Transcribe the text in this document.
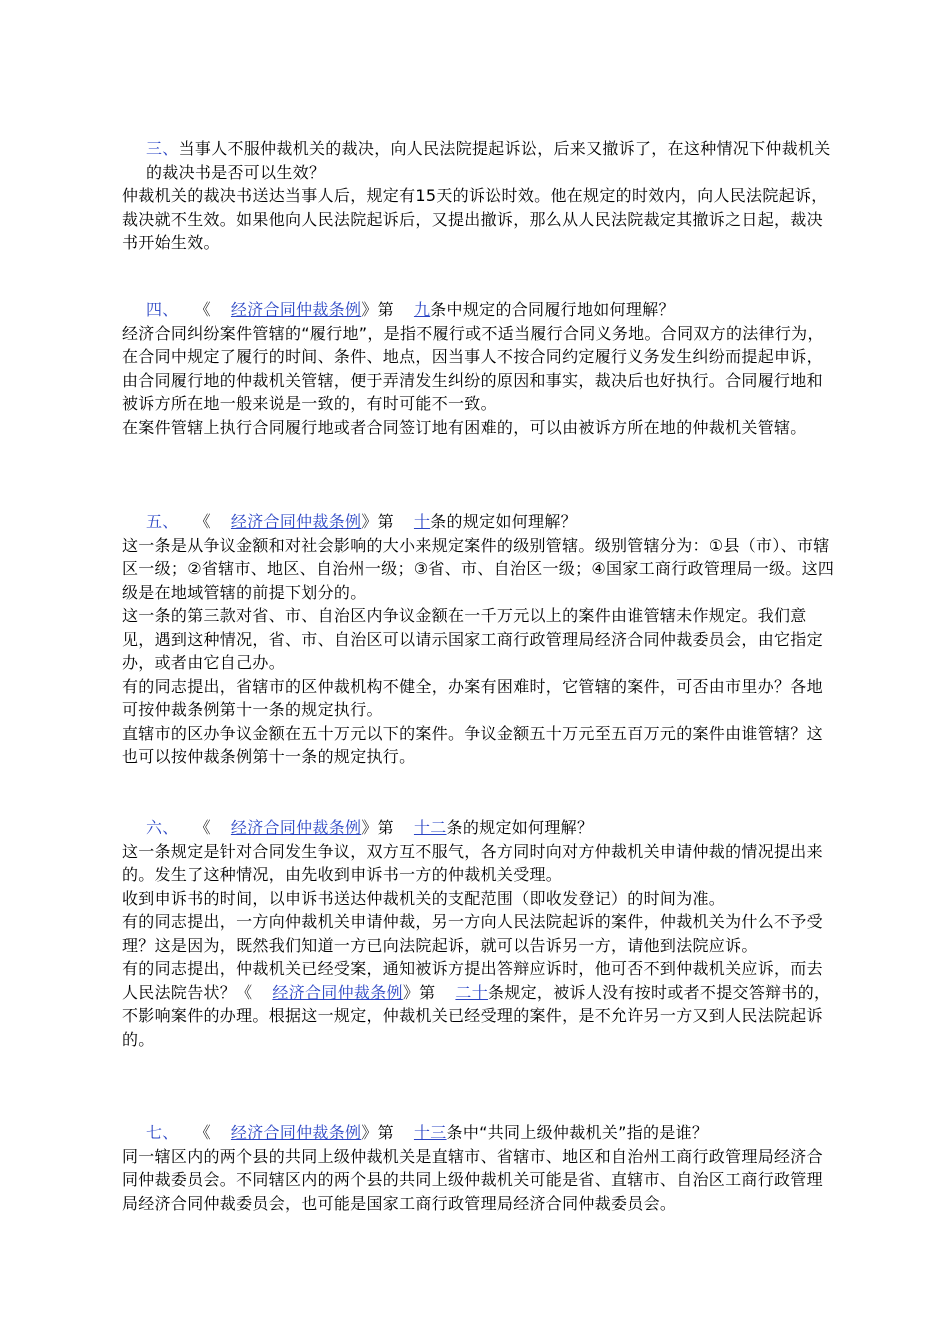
三、当事人不服仲裁机关的裁决，向人民法院提起诉讼，后来又撤诉了，在这种情况下仲裁机关的裁决书是否可以生效？

仲裁机关的裁决书送达当事人后，规定有15天的诉讼时效。他在规定的时效内，向人民法院起诉，裁决就不生效。如果他向人民法院起诉后，又提出撤诉，那么从人民法院裁定其撤诉之日起，裁决书开始生效。

四、 《 经济合同仲裁条例》第 九条中规定的合同履行地如何理解？

经济合同纠纷案件管辖的“履行地”，是指不履行或不适当履行合同义务地。合同双方的法律行为，在合同中规定了履行的时间、条件、地点，因当事人不按合同约定履行义务发生纠纷而提起申诉，由合同履行地的仲裁机关管辖，便于弄清发生纠纷的原因和事实，裁决后也好执行。合同履行地和被诉方所在地一般来说是一致的，有时可能不一致。

在案件管辖上执行合同履行地或者合同签订地有困难的，可以由被诉方所在地的仲裁机关管辖。

五、 《 经济合同仲裁条例》第 十条的规定如何理解？

这一条是从争议金额和对社会影响的大小来规定案件的级别管辖。级别管辖分为：①县（市）、市辖区一级；②省辖市、地区、自治州一级；③省、市、自治区一级；④国家工商行政管理局一级。这四级是在地域管辖的前提下划分的。

这一条的第三款对省、市、自治区内争议金额在一千万元以上的案件由谁管辖未作规定。我们意见，遇到这种情况，省、市、自治区可以请示国家工商行政管理局经济合同仲裁委员会，由它指定办，或者由它自己办。

有的同志提出，省辖市的区仲裁机构不健全，办案有困难时，它管辖的案件，可否由市里办？各地可按仲裁条例第十一条的规定执行。

直辖市的区办争议金额在五十万元以下的案件。争议金额五十万元至五百万元的案件由谁管辖？这也可以按仲裁条例第十一条的规定执行。

六、 《 经济合同仲裁条例》第 十二条的规定如何理解？

这一条规定是针对合同发生争议，双方互不服气，各方同时向对方仲裁机关申请仲裁的情况提出来的。发生了这种情况，由先收到申诉书一方的仲裁机关受理。

收到申诉书的时间，以申诉书送达仲裁机关的支配范围（即收发登记）的时间为准。

有的同志提出，一方向仲裁机关申请仲裁，另一方向人民法院起诉的案件，仲裁机关为什么不予受理？这是因为，既然我们知道一方已向法院起诉，就可以告诉另一方，请他到法院应诉。

有的同志提出，仲裁机关已经受案，通知被诉方提出答辩应诉时，他可否不到仲裁机关应诉，而去人民法院告状？《 经济合同仲裁条例》第 二十条规定，被诉人没有按时或者不提交答辩书的，不影响案件的办理。根据这一规定，仲裁机关已经受理的案件，是不允许另一方又到人民法院起诉的。

七、 《 经济合同仲裁条例》第 十三条中“共同上级仲裁机关”指的是谁？

同一辖区内的两个县的共同上级仲裁机关是直辖市、省辖市、地区和自治州工商行政管理局经济合同仲裁委员会。不同辖区内的两个县的共同上级仲裁机关可能是省、直辖市、自治区工商行政管理局经济合同仲裁委员会，也可能是国家工商行政管理局经济合同仲裁委员会。
